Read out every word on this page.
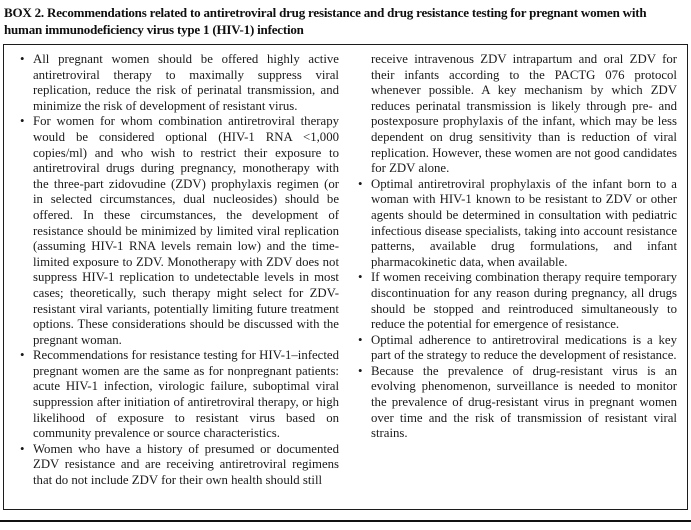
BOX 2. Recommendations related to antiretroviral drug resistance and drug resistance testing for pregnant women with human immunodeficiency virus type 1 (HIV-1) infection
• All pregnant women should be offered highly active antiretroviral therapy to maximally suppress viral replication, reduce the risk of perinatal transmission, and minimize the risk of development of resistant virus.
• For women for whom combination antiretroviral therapy would be considered optional (HIV-1 RNA <1,000 copies/ml) and who wish to restrict their exposure to antiretroviral drugs during pregnancy, monotherapy with the three-part zidovudine (ZDV) prophylaxis regimen (or in selected circumstances, dual nucleosides) should be offered. In these circumstances, the development of resistance should be minimized by limited viral replication (assuming HIV-1 RNA levels remain low) and the time-limited exposure to ZDV. Monotherapy with ZDV does not suppress HIV-1 replication to undetectable levels in most cases; theoretically, such therapy might select for ZDV-resistant viral variants, potentially limiting future treatment options. These considerations should be discussed with the pregnant woman.
• Recommendations for resistance testing for HIV-1–infected pregnant women are the same as for nonpregnant patients: acute HIV-1 infection, virologic failure, suboptimal viral suppression after initiation of antiretroviral therapy, or high likelihood of exposure to resistant virus based on community prevalence or source characteristics.
• Women who have a history of presumed or documented ZDV resistance and are receiving antiretroviral regimens that do not include ZDV for their own health should still
receive intravenous ZDV intrapartum and oral ZDV for their infants according to the PACTG 076 protocol whenever possible. A key mechanism by which ZDV reduces perinatal transmission is likely through pre- and postexposure prophylaxis of the infant, which may be less dependent on drug sensitivity than is reduction of viral replication. However, these women are not good candidates for ZDV alone.
• Optimal antiretroviral prophylaxis of the infant born to a woman with HIV-1 known to be resistant to ZDV or other agents should be determined in consultation with pediatric infectious disease specialists, taking into account resistance patterns, available drug formulations, and infant pharmacokinetic data, when available.
• If women receiving combination therapy require temporary discontinuation for any reason during pregnancy, all drugs should be stopped and reintroduced simultaneously to reduce the potential for emergence of resistance.
• Optimal adherence to antiretroviral medications is a key part of the strategy to reduce the development of resistance.
• Because the prevalence of drug-resistant virus is an evolving phenomenon, surveillance is needed to monitor the prevalence of drug-resistant virus in pregnant women over time and the risk of transmission of resistant viral strains.
